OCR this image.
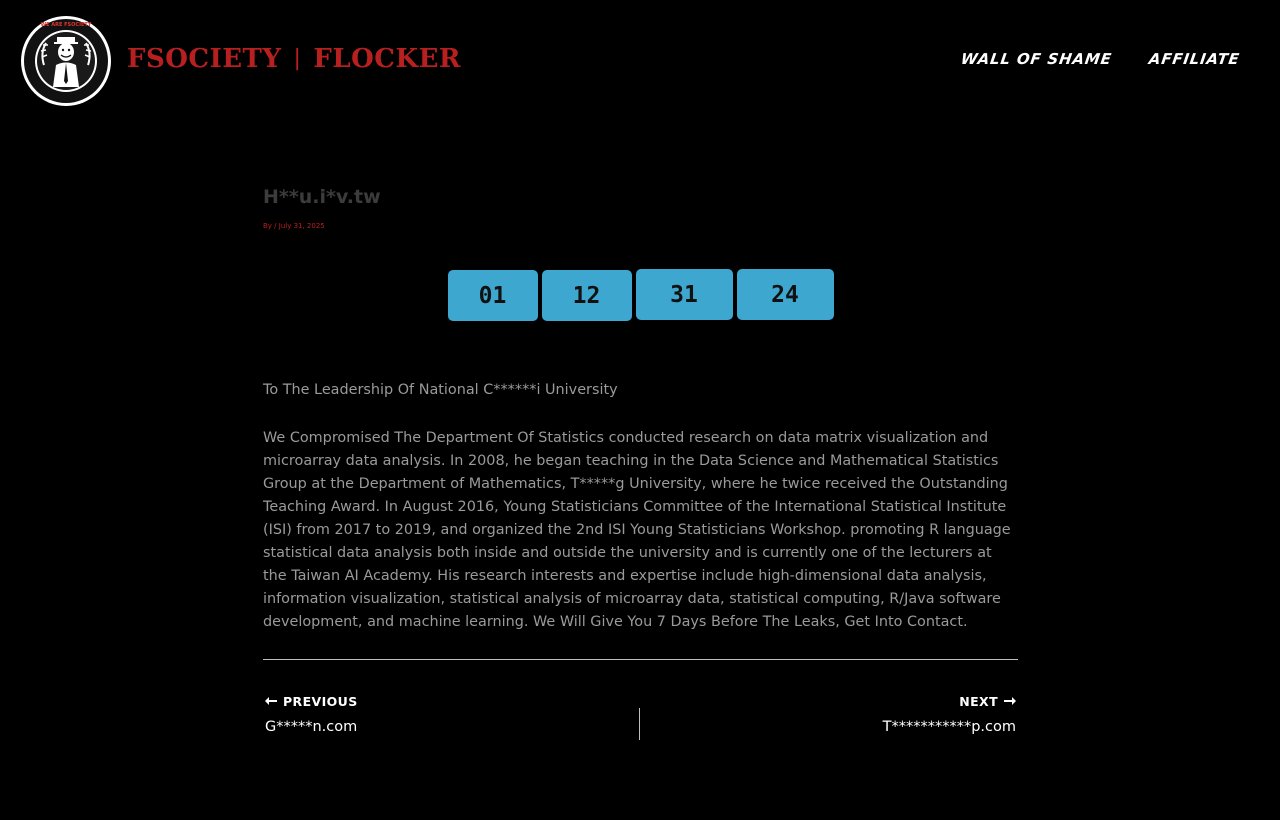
WE ARE FSOCIETY
FSOCIETY | FLOCKER	WALL OF SHAME AFFILIATE
H**u.i*v.tw
By / July 31, 2025
01	12	31	24

To The Leadership Of National C******i University

We Compromised The Department Of Statistics conducted research on data matrix visualization and microarray data analysis. In 2008, he began teaching in the Data Science and Mathematical Statistics Group at the Department of Mathematics, T*****g University, where he twice received the Outstanding Teaching Award. In August 2016, Young Statisticians Committee of the International Statistical Institute (ISI) from 2017 to 2019, and organized the 2nd ISI Young Statisticians Workshop. promoting R language statistical data analysis both inside and outside the university and is currently one of the lecturers at the Taiwan AI Academy. His research interests and expertise include high-dimensional data analysis, information visualization, statistical analysis of microarray data, statistical computing, R/Java software development, and machine learning. We Will Give You 7 Days Before The Leaks, Get Into Contact.

PREVIOUS
G*****n.com
NEXT
T***********p.com
